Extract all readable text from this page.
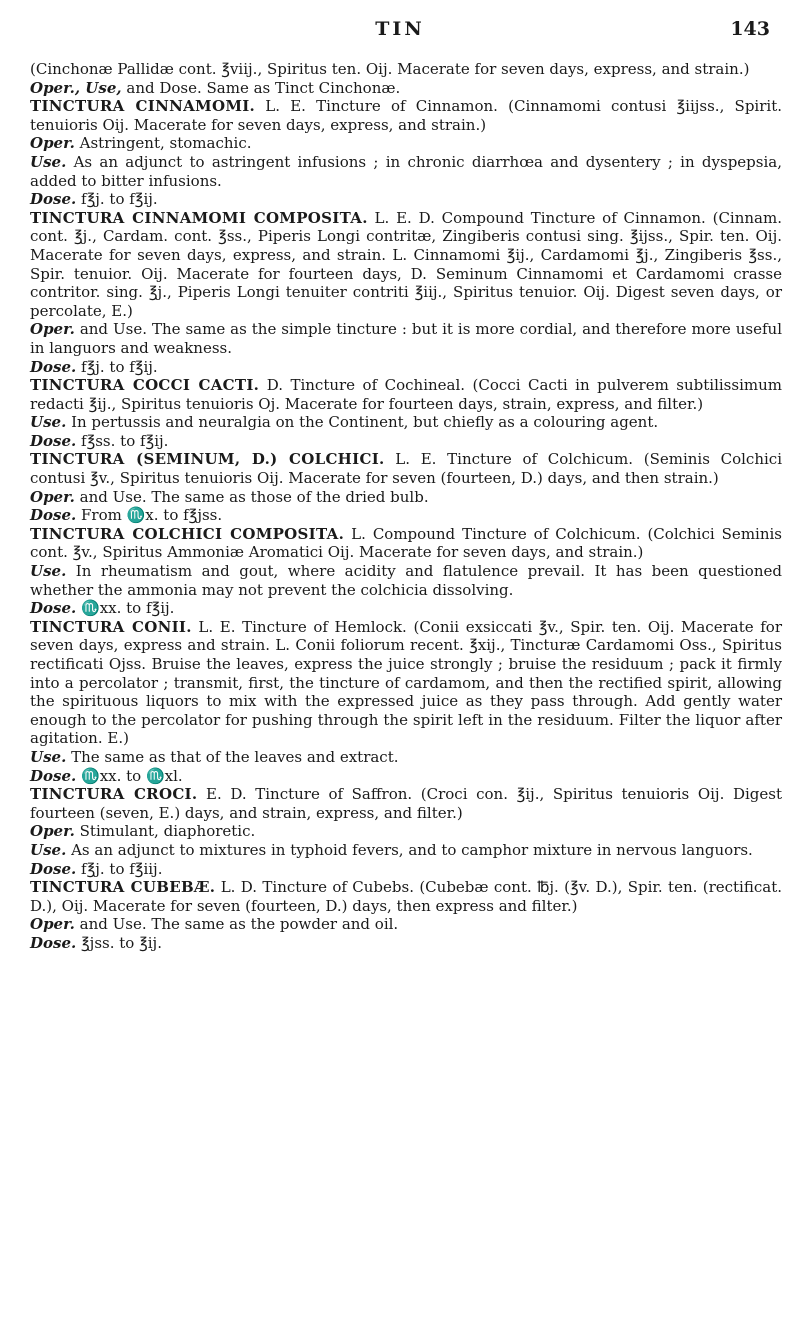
TIN	143

(Cinchonæ Pallidæ cont. ℥viij., Spiritus ten. Oij. Macerate for seven days, express, and strain.)

Oper., Use, and Dose. Same as Tinct Cinchonæ.

TINCTURA CINNAMOMI. L. E. Tincture of Cinnamon. (Cinnamomi contusi ℥iijss., Spirit. tenuioris Oij. Macerate for seven days, express, and strain.)

Oper. Astringent, stomachic.

Use. As an adjunct to astringent infusions ; in chronic diarrhœa and dysentery ; in dyspepsia, added to bitter infusions.

Dose. f℥j. to f℥ij.

TINCTURA CINNAMOMI COMPOSITA. L. E. D. Compound Tincture of Cinnamon. (Cinnam. cont. ℥j., Cardam. cont. ℥ss., Piperis Longi contritæ, Zingiberis contusi sing. ℥ijss., Spir. ten. Oij. Macerate for seven days, express, and strain. L. Cinnamomi ℥ij., Cardamomi ℥j., Zingiberis ℥ss., Spir. tenuior. Oij. Macerate for fourteen days, D. Seminum Cinnamomi et Cardamomi crasse contritor. sing. ℥j., Piperis Longi tenuiter contriti ℥iij., Spiritus tenuior. Oij. Digest seven days, or percolate, E.)

Oper. and Use. The same as the simple tincture : but it is more cordial, and therefore more useful in languors and weakness.

Dose. f℥j. to f℥ij.

TINCTURA COCCI CACTI. D. Tincture of Cochineal. (Cocci Cacti in pulverem subtilissimum redacti ℥ij., Spiritus tenuioris Oj. Macerate for fourteen days, strain, express, and filter.)

Use. In pertussis and neuralgia on the Continent, but chiefly as a colouring agent.

Dose. f℥ss. to f℥ij.

TINCTURA (SEMINUM, D.) COLCHICI. L. E. Tincture of Colchicum. (Seminis Colchici contusi ℥v., Spiritus tenuioris Oij. Macerate for seven (fourteen, D.) days, and then strain.)

Oper. and Use. The same as those of the dried bulb.

Dose. From ♏x. to f℥jss.

TINCTURA COLCHICI COMPOSITA. L. Compound Tincture of Colchicum. (Colchici Seminis cont. ℥v., Spiritus Ammoniæ Aromatici Oij. Macerate for seven days, and strain.)

Use. In rheumatism and gout, where acidity and flatulence prevail. It has been questioned whether the ammonia may not prevent the colchicia dissolving.

Dose. ♏xx. to f℥ij.

TINCTURA CONII. L. E. Tincture of Hemlock. (Conii exsiccati ℥v., Spir. ten. Oij. Macerate for seven days, express and strain. L. Conii foliorum recent. ℥xij., Tincturæ Cardamomi Oss., Spiritus rectificati Ojss. Bruise the leaves, express the juice strongly ; bruise the residuum ; pack it firmly into a percolator ; transmit, first, the tincture of cardamom, and then the rectified spirit, allowing the spirituous liquors to mix with the expressed juice as they pass through. Add gently water enough to the percolator for pushing through the spirit left in the residuum. Filter the liquor after agitation. E.)

Use. The same as that of the leaves and extract.

Dose. ♏xx. to ♏xl.

TINCTURA CROCI. E. D. Tincture of Saffron. (Croci con. ℥ij., Spiritus tenuioris Oij. Digest fourteen (seven, E.) days, and strain, express, and filter.)

Oper. Stimulant, diaphoretic.

Use. As an adjunct to mixtures in typhoid fevers, and to camphor mixture in nervous languors.

Dose. f℥j. to f℥iij.

TINCTURA CUBEBÆ. L. D. Tincture of Cubebs. (Cubebæ cont. ℔j. (℥v. D.), Spir. ten. (rectificat. D.), Oij. Macerate for seven (fourteen, D.) days, then express and filter.)

Oper. and Use. The same as the powder and oil.

Dose. ℥jss. to ℥ij.
